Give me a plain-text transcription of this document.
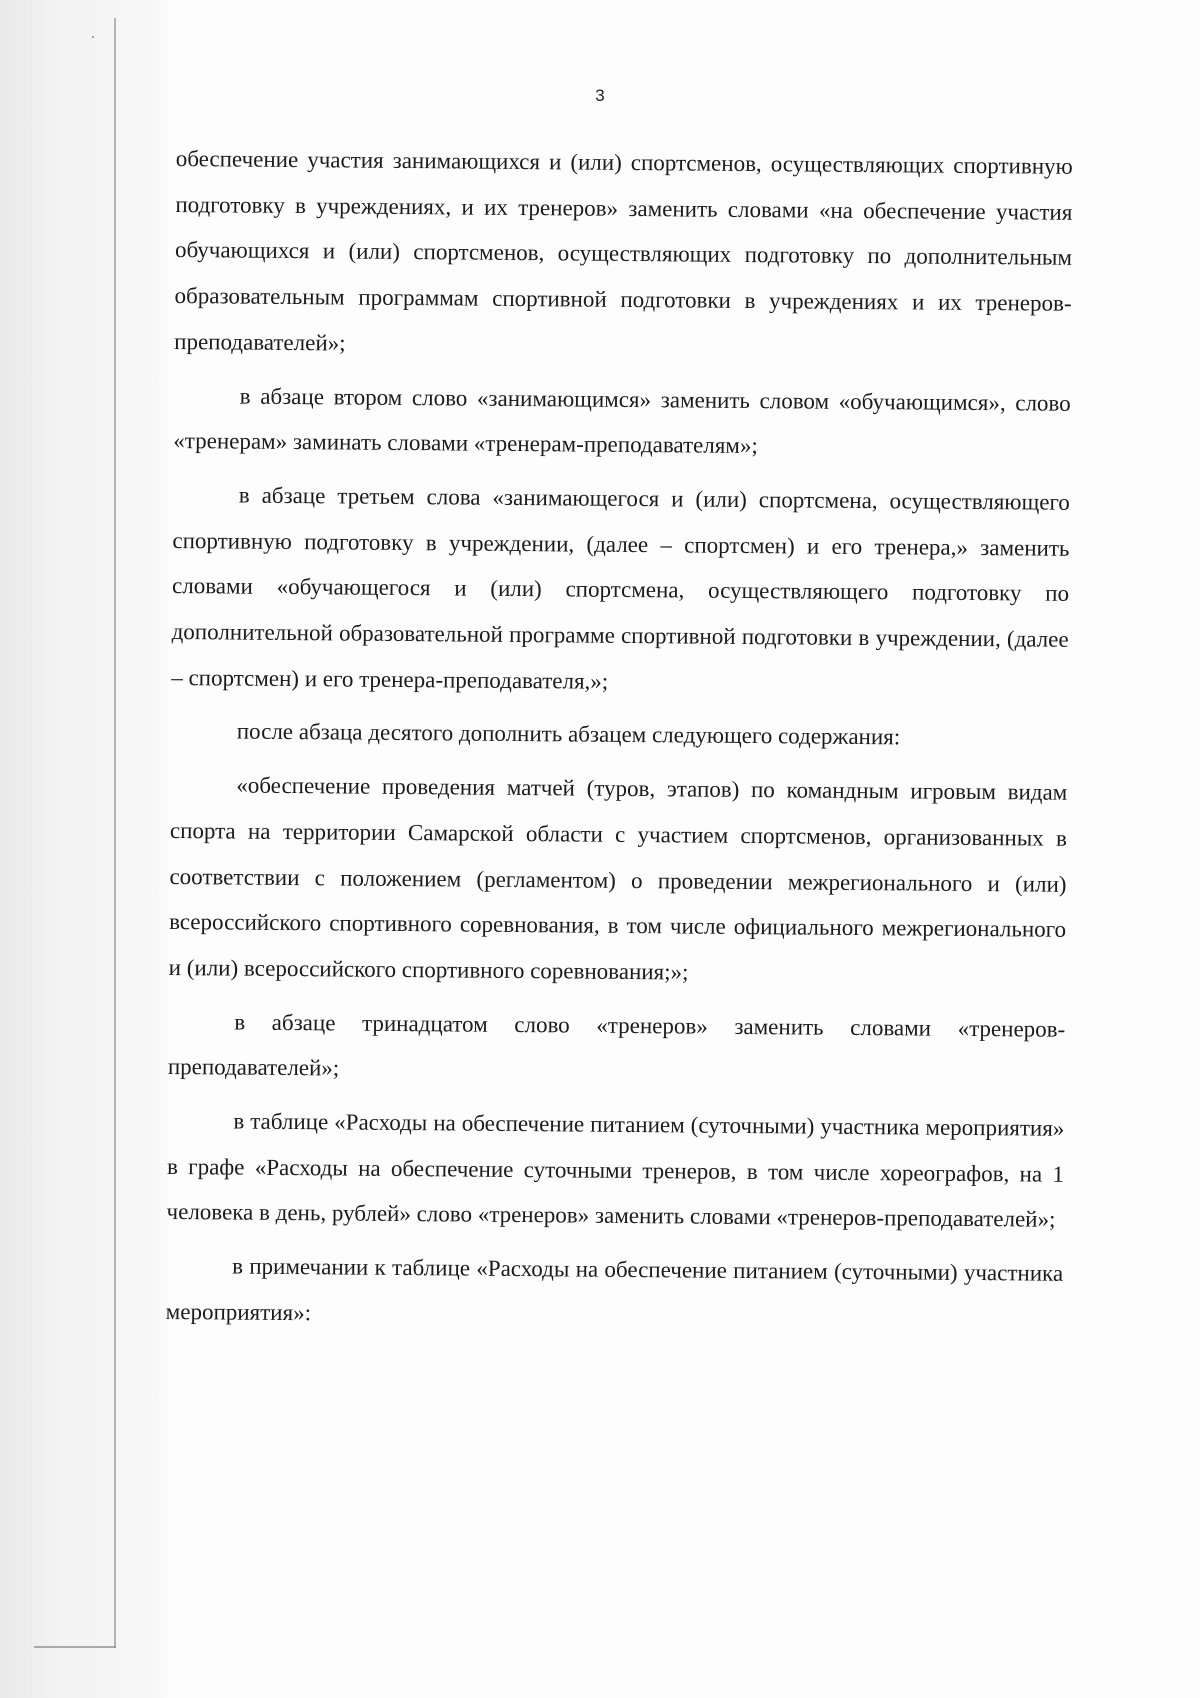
3

обеспечение участия занимающихся и (или) спортсменов, осуществляющих спортивную подготовку в учреждениях, и их тренеров» заменить словами «на обеспечение участия обучающихся и (или) спортсменов, осуществляющих подготовку по дополнительным образовательным программам спортивной подготовки в учреждениях и их тренеров-преподавателей»;

в абзаце втором слово «занимающимся» заменить словом «обучающимся», слово «тренерам» заминать словами «тренерам-преподавателям»;

в абзаце третьем слова «занимающегося и (или) спортсмена, осуществляющего спортивную подготовку в учреждении, (далее – спортсмен) и его тренера,» заменить словами «обучающегося и (или) спортсмена, осуществляющего подготовку по дополнительной образовательной программе спортивной подготовки в учреждении, (далее – спортсмен) и его тренера-преподавателя,»;

после абзаца десятого дополнить абзацем следующего содержания:

«обеспечение проведения матчей (туров, этапов) по командным игровым видам спорта на территории Самарской области с участием спортсменов, организованных в соответствии с положением (регламентом) о проведении межрегионального и (или) всероссийского спортивного соревнования, в том числе официального межрегионального и (или) всероссийского спортивного соревнования;»;

в абзаце тринадцатом слово «тренеров» заменить словами «тренеров-преподавателей»;

в таблице «Расходы на обеспечение питанием (суточными) участника мероприятия» в графе «Расходы на обеспечение суточными тренеров, в том числе хореографов, на 1 человека в день, рублей» слово «тренеров» заменить словами «тренеров-преподавателей»;

в примечании к таблице «Расходы на обеспечение питанием (суточными) участника мероприятия»:
